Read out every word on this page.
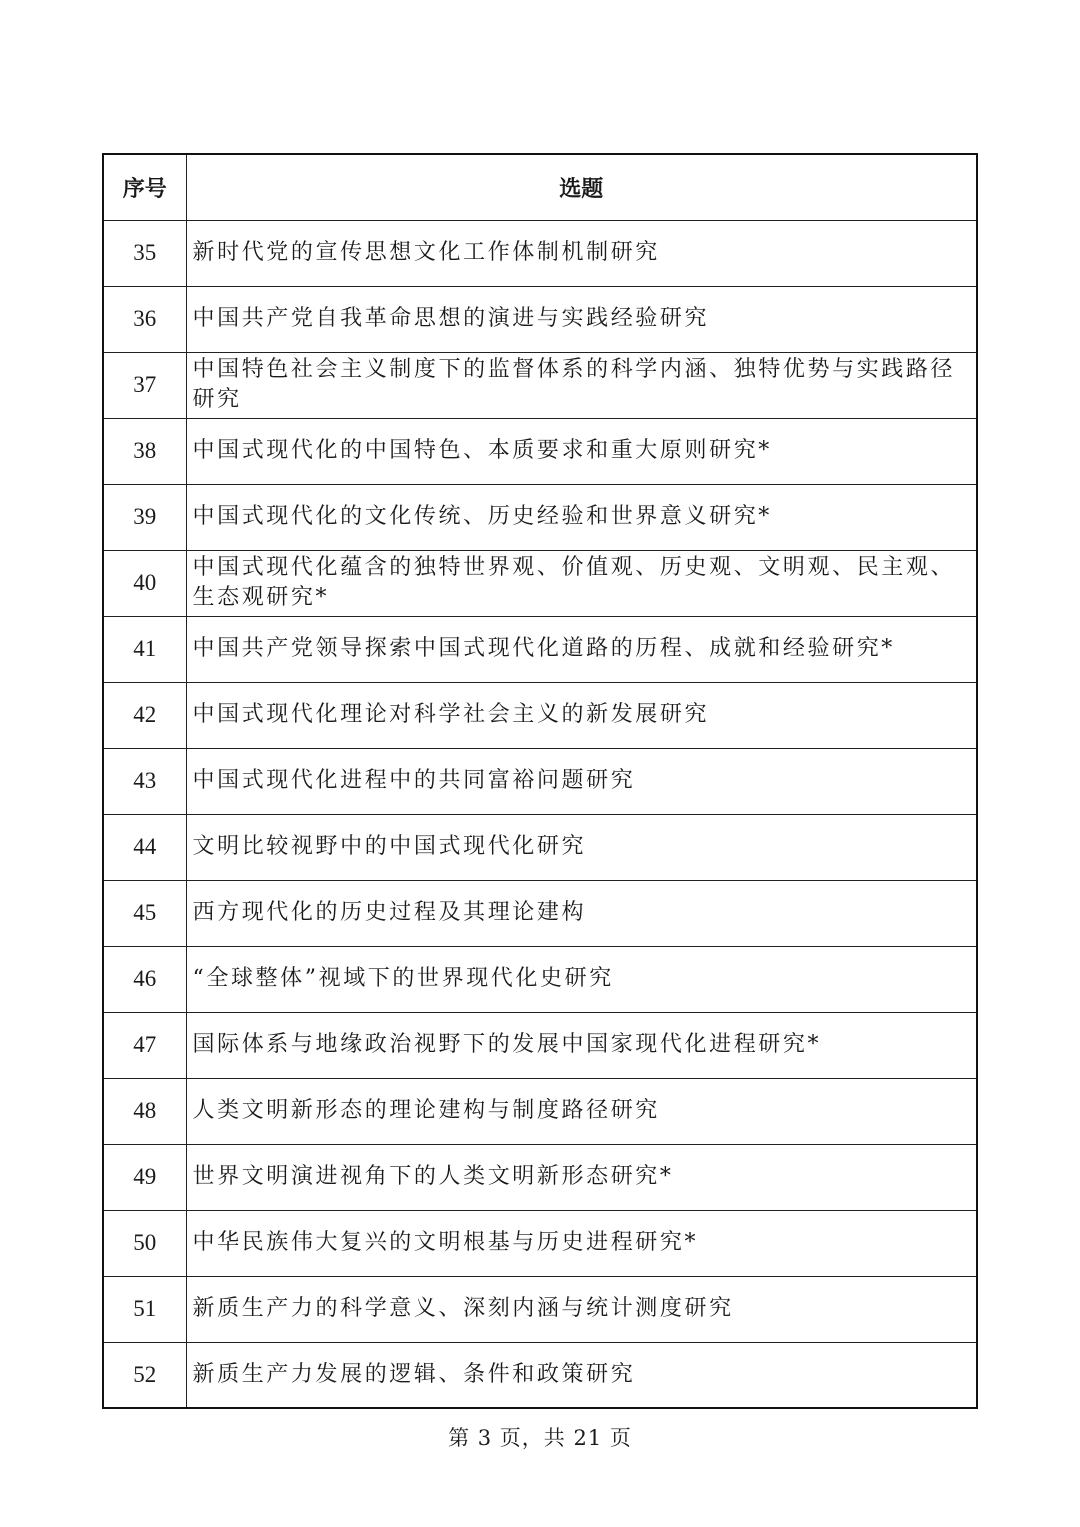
序号	选题
35	新时代党的宣传思想文化工作体制机制研究
36	中国共产党自我革命思想的演进与实践经验研究
37	中国特色社会主义制度下的监督体系的科学内涵、独特优势与实践路径研究
38	中国式现代化的中国特色、本质要求和重大原则研究*
39	中国式现代化的文化传统、历史经验和世界意义研究*
40	中国式现代化蕴含的独特世界观、价值观、历史观、文明观、民主观、生态观研究*
41	中国共产党领导探索中国式现代化道路的历程、成就和经验研究*
42	中国式现代化理论对科学社会主义的新发展研究
43	中国式现代化进程中的共同富裕问题研究
44	文明比较视野中的中国式现代化研究
45	西方现代化的历史过程及其理论建构
46	“全球整体”视域下的世界现代化史研究
47	国际体系与地缘政治视野下的发展中国家现代化进程研究*
48	人类文明新形态的理论建构与制度路径研究
49	世界文明演进视角下的人类文明新形态研究*
50	中华民族伟大复兴的文明根基与历史进程研究*
51	新质生产力的科学意义、深刻内涵与统计测度研究
52	新质生产力发展的逻辑、条件和政策研究
第 3 页，共 21 页
